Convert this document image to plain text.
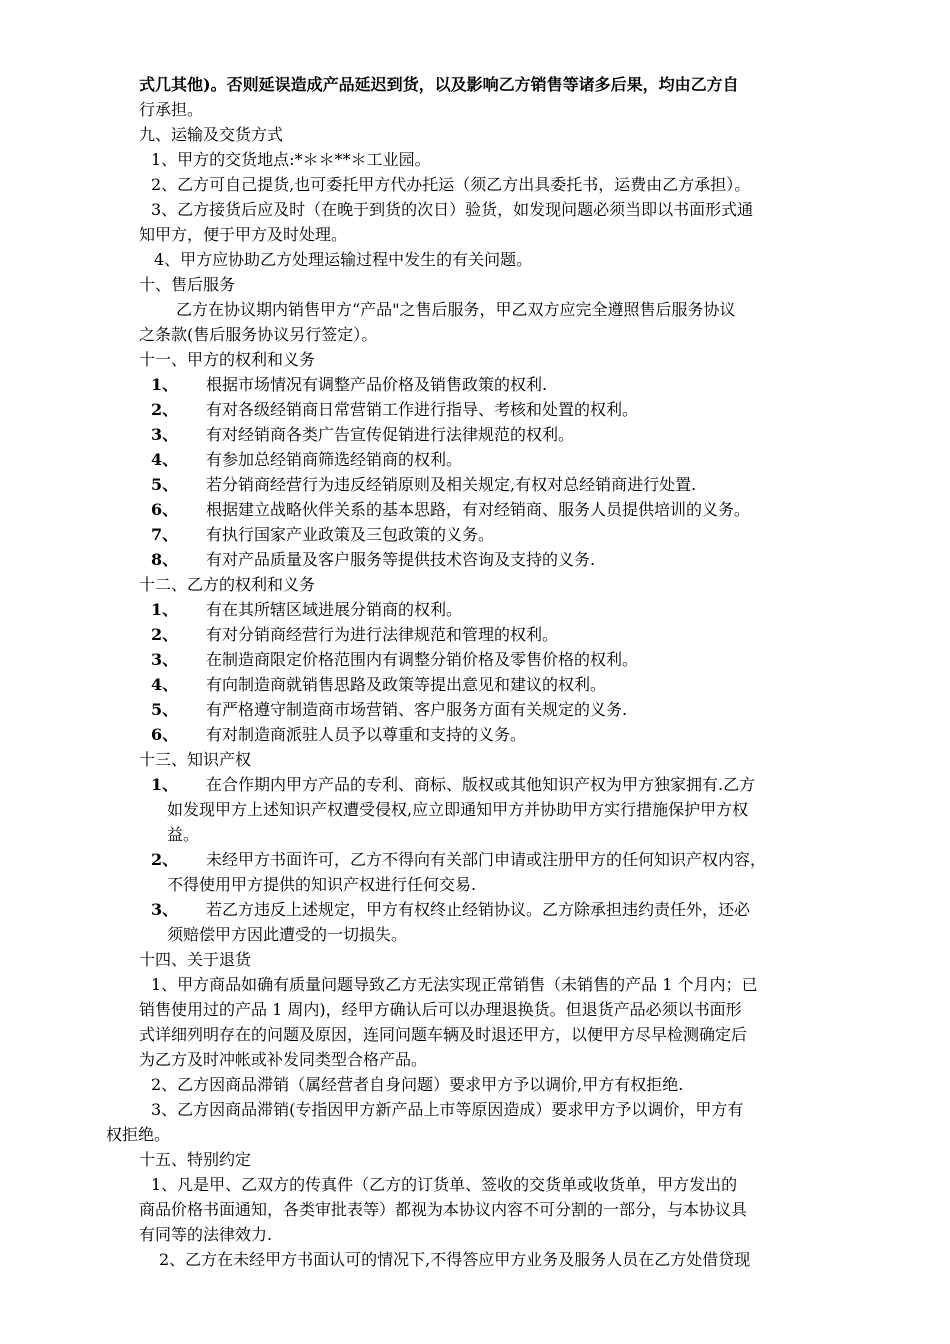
式几其他)。否则延误造成产品延迟到货，以及影响乙方销售等诸多后果，均由乙方自
行承担。
九、运输及交货方式
1、甲方的交货地点:*＊＊**＊工业园。
2、乙方可自己提货,也可委托甲方代办托运（须乙方出具委托书，运费由乙方承担）。
3、乙方接货后应及时（在晚于到货的次日）验货，如发现问题必须当即以书面形式通
知甲方，便于甲方及时处理。
4、甲方应协助乙方处理运输过程中发生的有关问题。
十、售后服务
乙方在协议期内销售甲方“产品"之售后服务，甲乙双方应完全遵照售后服务协议
之条款(售后服务协议另行签定）。
十一、甲方的权利和义务
1、 根据市场情况有调整产品价格及销售政策的权利.
2、 有对各级经销商日常营销工作进行指导、考核和处置的权利。
3、 有对经销商各类广告宣传促销进行法律规范的权利。
4、 有参加总经销商筛选经销商的权利。
5、 若分销商经营行为违反经销原则及相关规定,有权对总经销商进行处置.
6、 根据建立战略伙伴关系的基本思路，有对经销商、服务人员提供培训的义务。
7、 有执行国家产业政策及三包政策的义务。
8、 有对产品质量及客户服务等提供技术咨询及支持的义务.
十二、乙方的权利和义务
1、 有在其所辖区域进展分销商的权利。
2、 有对分销商经营行为进行法律规范和管理的权利。
3、 在制造商限定价格范围内有调整分销价格及零售价格的权利。
4、 有向制造商就销售思路及政策等提出意见和建议的权利。
5、 有严格遵守制造商市场营销、客户服务方面有关规定的义务.
6、 有对制造商派驻人员予以尊重和支持的义务。
十三、知识产权
1、 在合作期内甲方产品的专利、商标、版权或其他知识产权为甲方独家拥有.乙方
如发现甲方上述知识产权遭受侵权,应立即通知甲方并协助甲方实行措施保护甲方权
益。
2、 未经甲方书面许可，乙方不得向有关部门申请或注册甲方的任何知识产权内容，
不得使用甲方提供的知识产权进行任何交易.
3、 若乙方违反上述规定，甲方有权终止经销协议。乙方除承担违约责任外，还必
须赔偿甲方因此遭受的一切损失。
十四、关于退货
1、甲方商品如确有质量问题导致乙方无法实现正常销售（未销售的产品 1 个月内；已
销售使用过的产品 1 周内)，经甲方确认后可以办理退换货。但退货产品必须以书面形
式详细列明存在的问题及原因，连同问题车辆及时退还甲方，以便甲方尽早检测确定后
为乙方及时冲帐或补发同类型合格产品。
2、乙方因商品滞销（属经营者自身问题）要求甲方予以调价,甲方有权拒绝.
3、乙方因商品滞销(专指因甲方新产品上市等原因造成）要求甲方予以调价，甲方有
权拒绝。
十五、特别约定
1、凡是甲、乙双方的传真件（乙方的订货单、签收的交货单或收货单，甲方发出的
商品价格书面通知，各类审批表等）都视为本协议内容不可分割的一部分，与本协议具
有同等的法律效力.
2、乙方在未经甲方书面认可的情况下,不得答应甲方业务及服务人员在乙方处借贷现
